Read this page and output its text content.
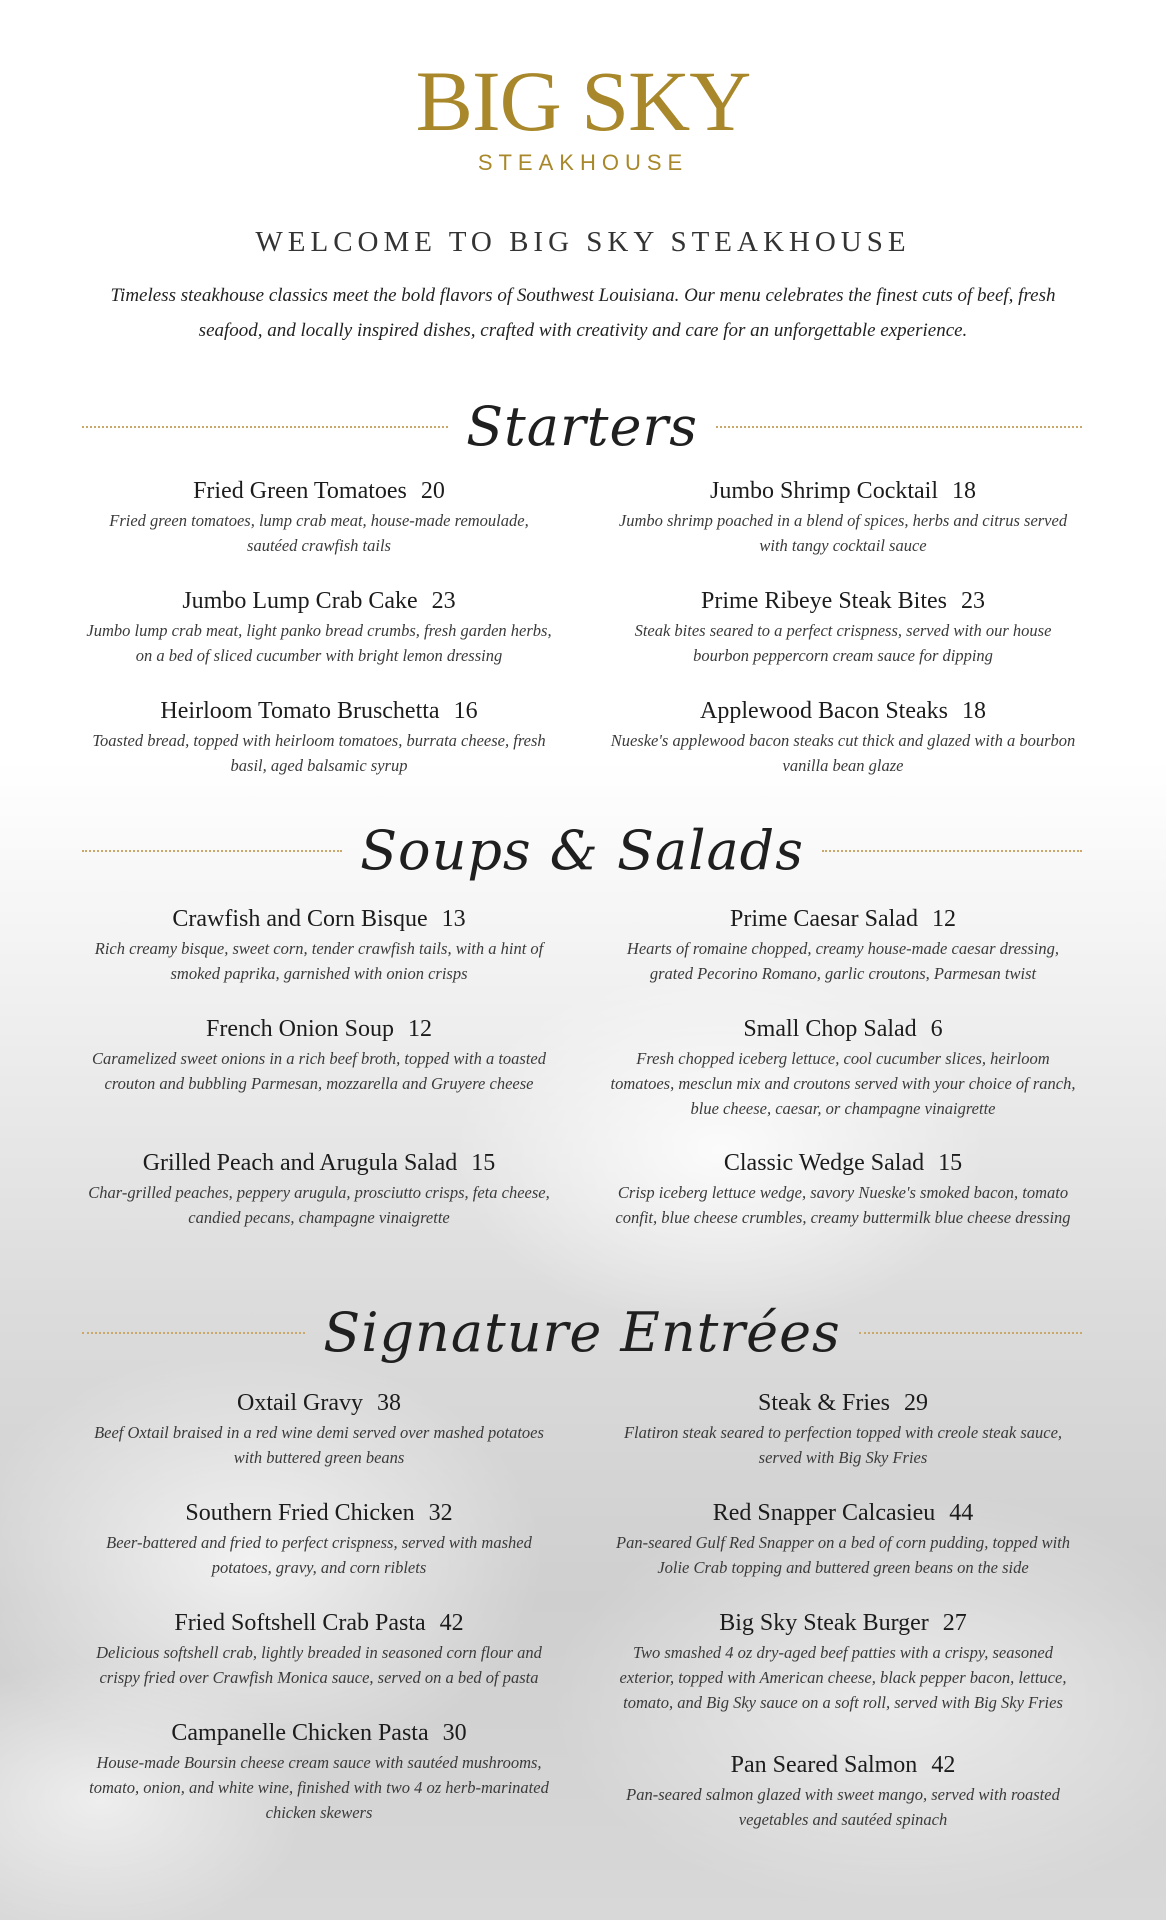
BIG SKY
STEAKHOUSE
WELCOME TO BIG SKY STEAKHOUSE
Timeless steakhouse classics meet the bold flavors of Southwest Louisiana. Our menu celebrates the finest cuts of beef, fresh seafood, and locally inspired dishes, crafted with creativity and care for an unforgettable experience.
Starters
Fried Green Tomatoes 20
Fried green tomatoes, lump crab meat, house-made remoulade, sautéed crawfish tails
Jumbo Shrimp Cocktail 18
Jumbo shrimp poached in a blend of spices, herbs and citrus served with tangy cocktail sauce
Jumbo Lump Crab Cake 23
Jumbo lump crab meat, light panko bread crumbs, fresh garden herbs, on a bed of sliced cucumber with bright lemon dressing
Prime Ribeye Steak Bites 23
Steak bites seared to a perfect crispness, served with our house bourbon peppercorn cream sauce for dipping
Heirloom Tomato Bruschetta 16
Toasted bread, topped with heirloom tomatoes, burrata cheese, fresh basil, aged balsamic syrup
Applewood Bacon Steaks 18
Nueske's applewood bacon steaks cut thick and glazed with a bourbon vanilla bean glaze
Soups & Salads
Crawfish and Corn Bisque 13
Rich creamy bisque, sweet corn, tender crawfish tails, with a hint of smoked paprika, garnished with onion crisps
Prime Caesar Salad 12
Hearts of romaine chopped, creamy house-made caesar dressing, grated Pecorino Romano, garlic croutons, Parmesan twist
French Onion Soup 12
Caramelized sweet onions in a rich beef broth, topped with a toasted crouton and bubbling Parmesan, mozzarella and Gruyere cheese
Small Chop Salad 6
Fresh chopped iceberg lettuce, cool cucumber slices, heirloom tomatoes, mesclun mix and croutons served with your choice of ranch, blue cheese, caesar, or champagne vinaigrette
Grilled Peach and Arugula Salad 15
Char-grilled peaches, peppery arugula, prosciutto crisps, feta cheese, candied pecans, champagne vinaigrette
Classic Wedge Salad 15
Crisp iceberg lettuce wedge, savory Nueske's smoked bacon, tomato confit, blue cheese crumbles, creamy buttermilk blue cheese dressing
Signature Entrées
Oxtail Gravy 38
Beef Oxtail braised in a red wine demi served over mashed potatoes with buttered green beans
Steak & Fries 29
Flatiron steak seared to perfection topped with creole steak sauce, served with Big Sky Fries
Southern Fried Chicken 32
Beer-battered and fried to perfect crispness, served with mashed potatoes, gravy, and corn riblets
Red Snapper Calcasieu 44
Pan-seared Gulf Red Snapper on a bed of corn pudding, topped with Jolie Crab topping and buttered green beans on the side
Fried Softshell Crab Pasta 42
Delicious softshell crab, lightly breaded in seasoned corn flour and crispy fried over Crawfish Monica sauce, served on a bed of pasta
Big Sky Steak Burger 27
Two smashed 4 oz dry-aged beef patties with a crispy, seasoned exterior, topped with American cheese, black pepper bacon, lettuce, tomato, and Big Sky sauce on a soft roll, served with Big Sky Fries
Campanelle Chicken Pasta 30
House-made Boursin cheese cream sauce with sautéed mushrooms, tomato, onion, and white wine, finished with two 4 oz herb-marinated chicken skewers
Pan Seared Salmon 42
Pan-seared salmon glazed with sweet mango, served with roasted vegetables and sautéed spinach
